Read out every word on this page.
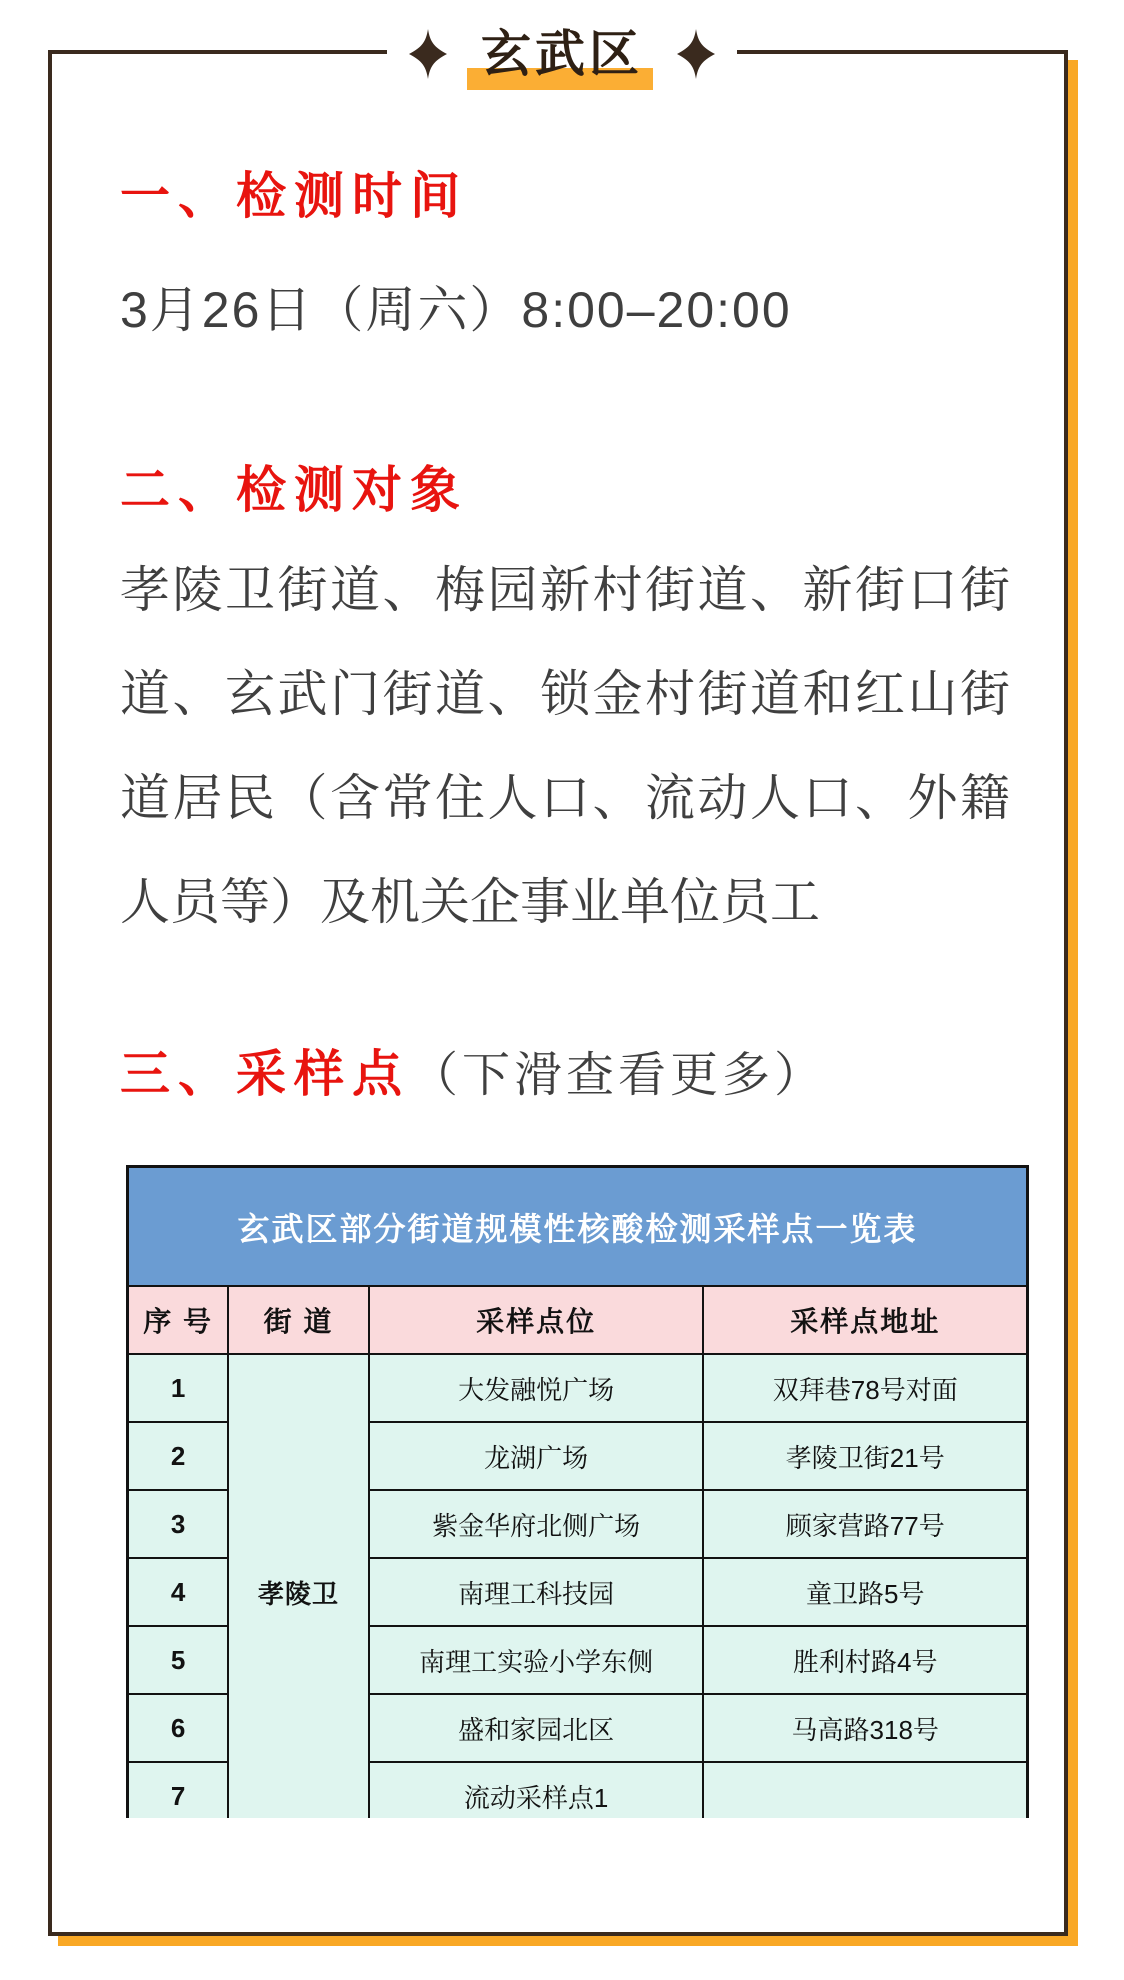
玄武区
一、检测时间

3月26日（周六）8:00–20:00

二、检测对象
孝陵卫街道、梅园新村街道、新街口街
道、玄武门街道、锁金村街道和红山街
道居民（含常住人口、流动人口、外籍
人员等）及机关企事业单位员工
三、采样点（下滑查看更多）
玄武区部分街道规模性核酸检测采样点一览表			
序 号	街 道	采样点位	采样点地址
1	孝陵卫	大发融悦广场	双拜巷78号对面
2		龙湖广场	孝陵卫街21号
3		紫金华府北侧广场	顾家营路77号
4		南理工科技园	童卫路5号
5		南理工实验小学东侧	胜利村路4号
6		盛和家园北区	马高路318号
7		流动采样点1	
